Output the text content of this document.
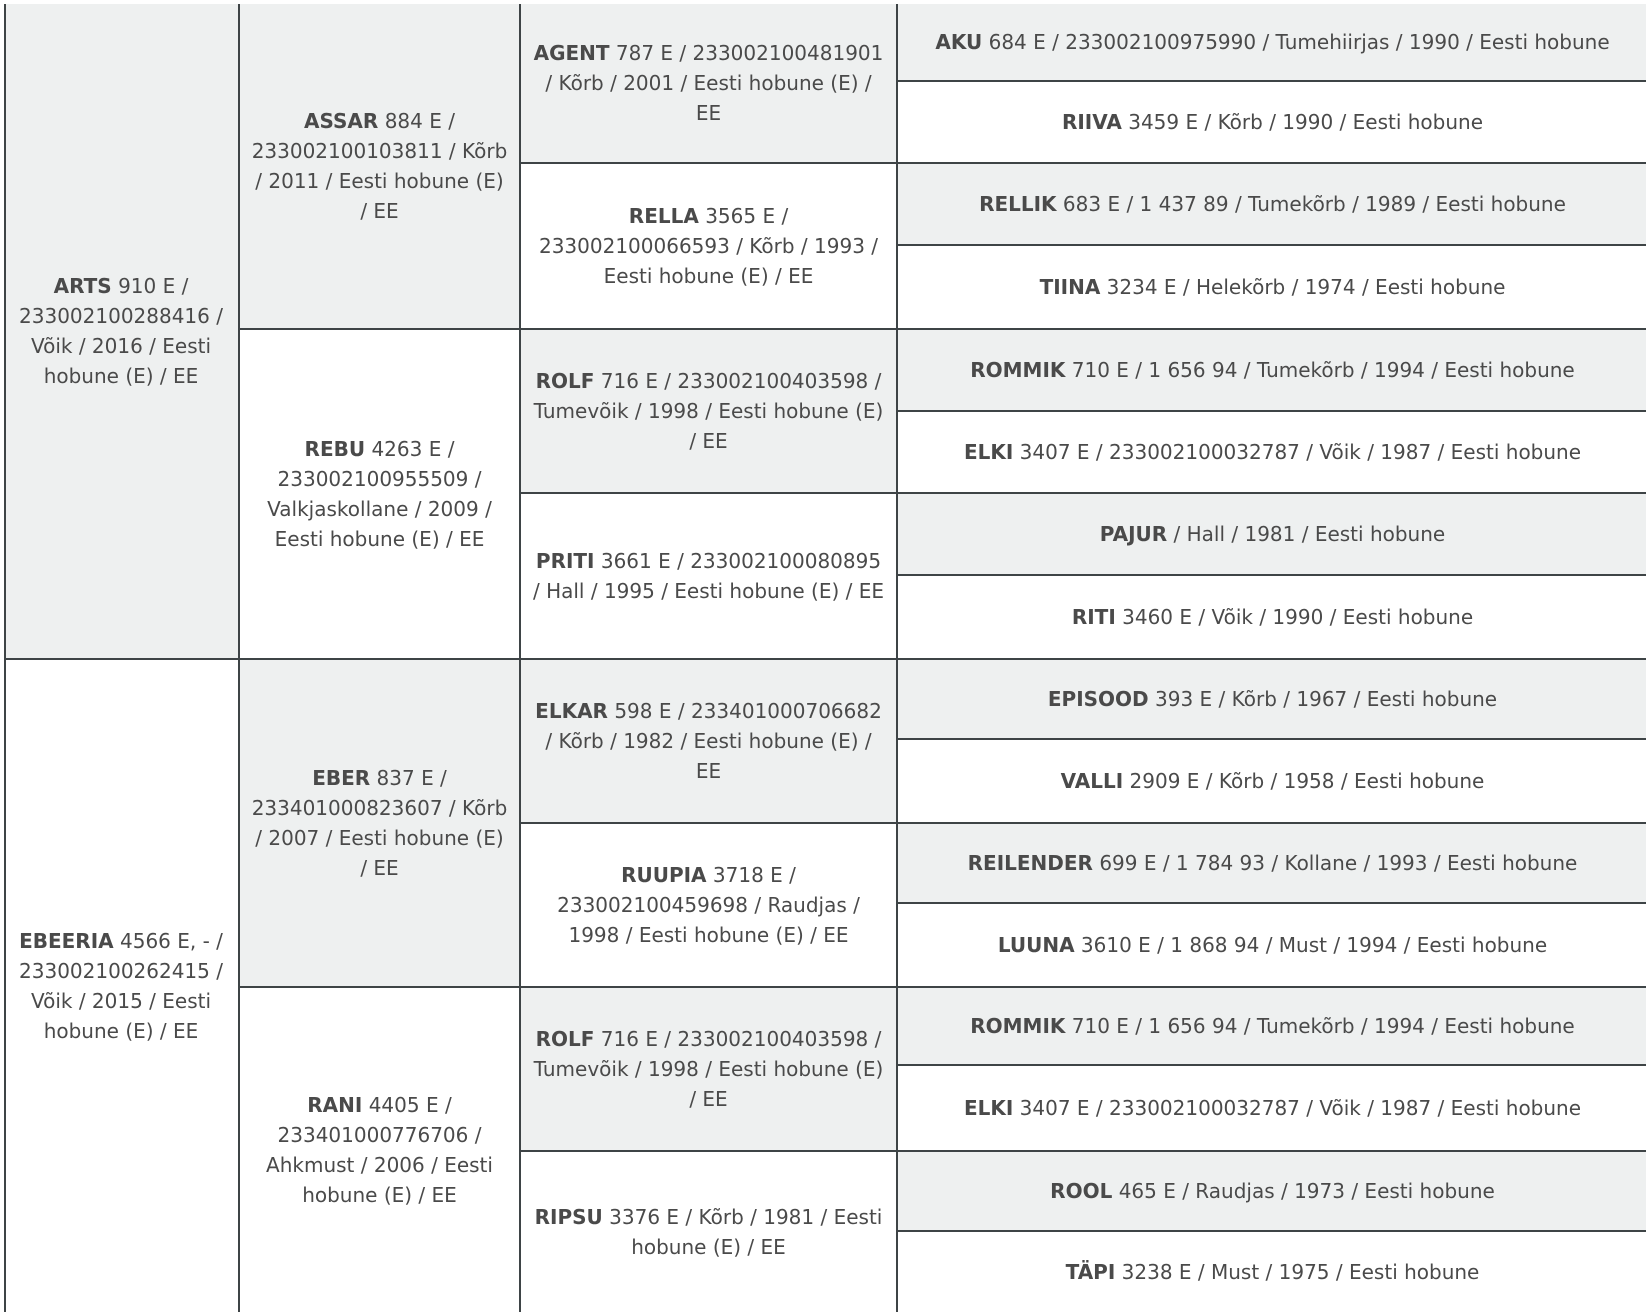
ARTS 910 E / 233002100288416 / Võik / 2016 / Eesti hobune (E) / EE
EBEERIA 4566 E, - / 233002100262415 / Võik / 2015 / Eesti hobune (E) / EE
ASSAR 884 E / 233002100103811 / Kõrb / 2011 / Eesti hobune (E) / EE
REBU 4263 E / 233002100955509 / Valkjaskollane / 2009 / Eesti hobune (E) / EE
EBER 837 E / 233401000823607 / Kõrb / 2007 / Eesti hobune (E) / EE
RANI 4405 E / 233401000776706 / Ahkmust / 2006 / Eesti hobune (E) / EE
AGENT 787 E / 233002100481901 / Kõrb / 2001 / Eesti hobune (E) / EE
RELLA 3565 E / 233002100066593 / Kõrb / 1993 / Eesti hobune (E) / EE
ROLF 716 E / 233002100403598 / Tumevõik / 1998 / Eesti hobune (E) / EE
PRITI 3661 E / 233002100080895 / Hall / 1995 / Eesti hobune (E) / EE
ELKAR 598 E / 233401000706682 / Kõrb / 1982 / Eesti hobune (E) / EE
RUUPIA 3718 E / 233002100459698 / Raudjas / 1998 / Eesti hobune (E) / EE
ROLF 716 E / 233002100403598 / Tumevõik / 1998 / Eesti hobune (E) / EE
RIPSU 3376 E / Kõrb / 1981 / Eesti hobune (E) / EE
AKU 684 E / 233002100975990 / Tumehiirjas / 1990 / Eesti hobune
RIIVA 3459 E / Kõrb / 1990 / Eesti hobune
RELLIK 683 E / 1 437 89 / Tumekõrb / 1989 / Eesti hobune
TIINA 3234 E / Helekõrb / 1974 / Eesti hobune
ROMMIK 710 E / 1 656 94 / Tumekõrb / 1994 / Eesti hobune
ELKI 3407 E / 233002100032787 / Võik / 1987 / Eesti hobune
PAJUR / Hall / 1981 / Eesti hobune
RITI 3460 E / Võik / 1990 / Eesti hobune
EPISOOD 393 E / Kõrb / 1967 / Eesti hobune
VALLI 2909 E / Kõrb / 1958 / Eesti hobune
REILENDER 699 E / 1 784 93 / Kollane / 1993 / Eesti hobune
LUUNA 3610 E / 1 868 94 / Must / 1994 / Eesti hobune
ROMMIK 710 E / 1 656 94 / Tumekõrb / 1994 / Eesti hobune
ELKI 3407 E / 233002100032787 / Võik / 1987 / Eesti hobune
ROOL 465 E / Raudjas / 1973 / Eesti hobune
TÄPI 3238 E / Must / 1975 / Eesti hobune
